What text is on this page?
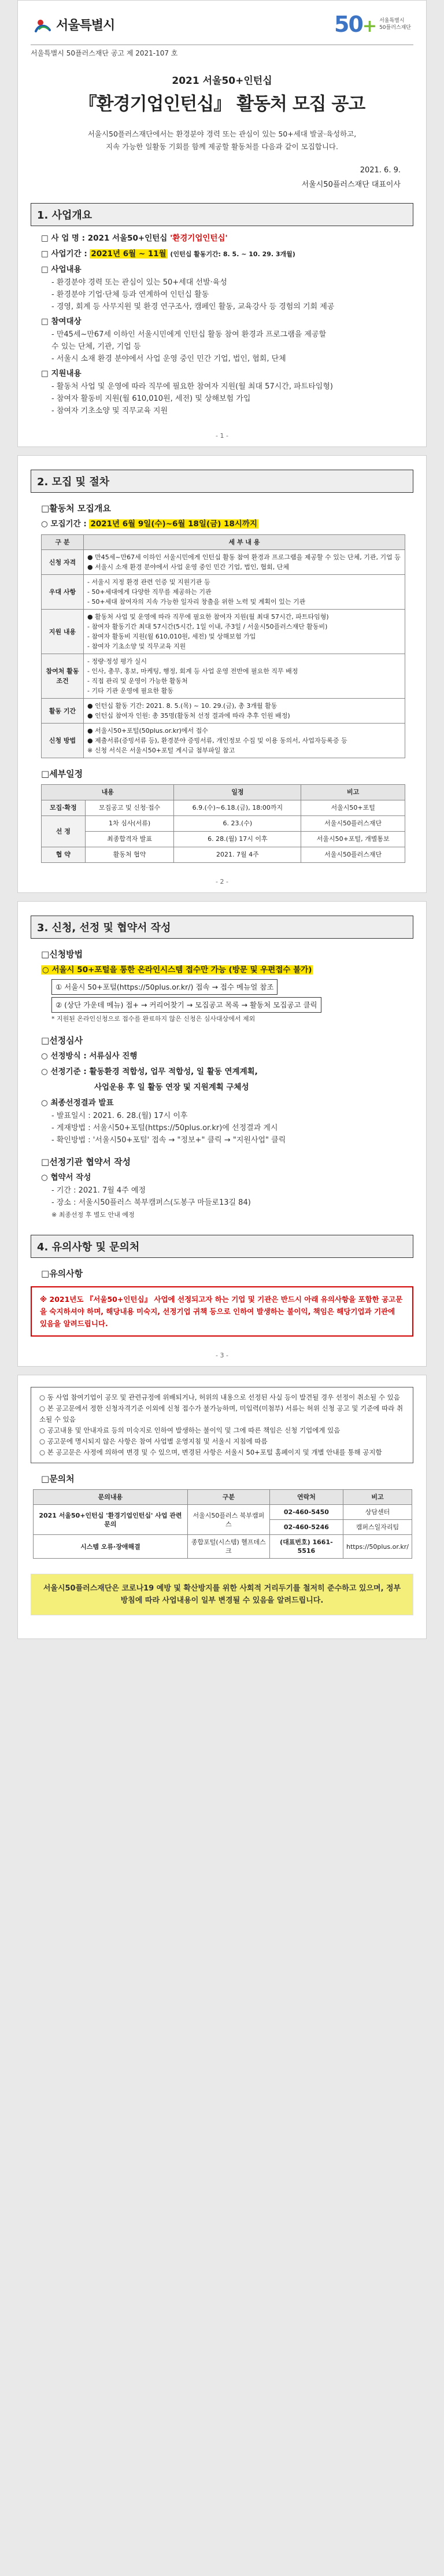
서울특별시	50+ 서울특별시
50플러스재단
서울특별시 50플러스재단 공고 제 2021-107 호
2021 서울50+인턴십
『환경기업인턴십』 활동처 모집 공고
서울시50플러스재단에서는 환경분야 경력 또는 관심이 있는 50+세대 발굴·육성하고,
지속 가능한 일활동 기회를 함께 제공할 활동처를 다음과 같이 모집합니다.
2021. 6. 9.
서울시50플러스재단 대표이사
1. 사업개요
□ 사 업 명 : 2021 서울50+인턴십 '환경기업인턴십'
□ 사업기간 : 2021년 6월 ~ 11월 (인턴십 활동기간: 8. 5. ~ 10. 29. 3개월)
□ 사업내용
- 환경분야 경력 또는 관심이 있는 50+세대 선발·육성
- 환경분야 기업·단체 등과 연계하여 인턴십 활동
- 경영, 회계 등 사무지원 및 환경 연구조사, 캠페인 활동, 교육강사 등 경험의 기회 제공
□ 참여대상
- 만45세~만67세 이하인 서울시민에게 인턴십 활동 참여 환경과 프로그램을 제공할
수 있는 단체, 기관, 기업 등
- 서울시 소재 환경 분야에서 사업 운영 중인 민간 기업, 법인, 협회, 단체
□ 지원내용
- 활동처 사업 및 운영에 따라 직무에 필요한 참여자 지원(월 최대 57시간, 파트타임형)
- 참여자 활동비 지원(월 610,010원, 세전) 및 상해보험 가입
- 참여자 기초소양 및 직무교육 지원
- 1 -
2. 모집 및 절차
□ 활동처 모집개요
○ 모집기간 : 2021년 6월 9일(수)~6월 18일(금) 18시까지
구 분	세 부 내 용
신청 자격	● 만45세~만67세 이하인 서울시민에게 인턴십 활동 참여 환경과 프로그램을 제공할 수 있는 단체, 기관, 기업 등
● 서울시 소재 환경 분야에서 사업 운영 중인 민간 기업, 법인, 협회, 단체
우대 사항	- 서울시 지정 환경 관련 인증 및 지원기관 등
- 50+세대에게 다양한 직무를 제공하는 기관
- 50+세대 참여자의 지속 가능한 일자리 창출을 위한 노력 및 계획이 있는 기관
지원 내용	● 활동처 사업 및 운영에 따라 직무에 필요한 참여자 지원(월 최대 57시간, 파트타임형)
- 참여자 활동기간 최대 57시간(5시간, 1일 이내, 주3일 / 서울시50플러스재단 활동비)
- 참여자 활동비 지원(월 610,010원, 세전) 및 상해보험 가입
- 참여자 기초소양 및 직무교육 지원
참여처 활동 조건	- 정량·정성 평가 실시
- 인사, 총무, 홍보, 마케팅, 행정, 회계 등 사업 운영 전반에 필요한 직무 배정
- 직접 관리 및 운영이 가능한 활동처
- 기타 기관 운영에 필요한 활동
활동 기간	● 인턴십 활동 기간: 2021. 8. 5.(목) ~ 10. 29.(금), 총 3개월 활동
● 인턴십 참여자 인원: 총 35명(활동처 선정 결과에 따라 추후 인원 배정)
신청 방법	● 서울시50+포털(50plus.or.kr)에서 접수
● 제출서류(증빙서류 등), 환경분야 증빙서류, 개인정보 수집 및 이용 동의서, 사업자등록증 등
※ 신청 서식은 서울시50+포털 게시글 첨부파일 참고
□ 세부일정
내용		일정	비고
모집·확정	모집공고 및 신청·접수	6.9.(수)~6.18.(금), 18:00까지	서울시50+포털
선 정	1차 심사(서류)	6. 23.(수)	서울시50플러스재단
	최종합격자 발표	6. 28.(월) 17시 이후	서울시50+포털, 개별통보
협 약	활동처 협약	2021. 7월 4주	서울시50플러스재단
- 2 -
3. 신청, 선정 및 협약서 작성
□ 신청방법
○ 서울시 50+포털을 통한 온라인시스템 접수만 가능 (방문 및 우편접수 불가)
① 서울시 50+포털(https://50plus.or.kr/) 접속 → 접수 메뉴얼 참조
② (상단 가운데 메뉴) 접+ → 커리어찾기 → 모집공고 목록 → 활동처 모집공고 클릭
* 지원된 온라인신청으로 접수를 완료하지 않은 신청은 심사대상에서 제외
□ 선정심사
○ 선정방식 : 서류심사 진행
○ 선정기준 : 활동환경 적합성, 업무 적합성, 일 활동 연계계획,
사업운용 후 일 활동 연장 및 지원계획 구체성
○ 최종선정결과 발표
- 발표일시 : 2021. 6. 28.(월) 17시 이후
- 게재방법 : 서울시50+포털(https://50plus.or.kr)에 선정결과 게시
- 확인방법 : '서울시50+포털' 접속 → "정보+" 클릭 → "지원사업" 클릭
□ 선정기관 협약서 작성
○ 협약서 작성
- 기간 : 2021. 7월 4주 예정
- 장소 : 서울시50플러스 북부캠퍼스(도봉구 마들로13길 84)
※ 최종선정 후 별도 안내 예정
4. 유의사항 및 문의처
□ 유의사항
※ 2021년도 『서울50+인턴십』 사업에 선정되고자 하는 기업 및 기관은 반드시 아래 유의사항을 포함한 공고문을 숙지하셔야 하며, 해당내용 미숙지, 선정기업 귀책 등으로 인하여 발생하는 불이익, 책임은 해당기업과 기관에 있음을 알려드립니다.
- 3 -
○ 동 사업 참여기업이 공모 및 관련규정에 위배되거나, 허위의 내용으로 선정된 사실 등이 발견될 경우 선정이 취소될 수 있음
○ 본 공고문에서 정한 신청자격기준 이외에 신청 접수가 불가능하며, 미입력(미첨부) 서류는 허위 신청 공고 및 기준에 따라 취소될 수 있음
○ 공고내용 및 안내자료 등의 미숙지로 인하여 발생하는 불이익 및 그에 따른 책임은 신청 기업에게 있음
○ 공고문에 명시되지 않은 사항은 참여 사업별 운영지침 및 서울시 지침에 따름
○ 본 공고문은 사정에 의하여 변경 및 수 있으며, 변경된 사항은 서울시 50+포털 홈페이지 및 개별 안내를 통해 공지함
□ 문의처
문의내용	구분	연락처	비고
2021 서울50+인턴십 '환경기업인턴십' 사업 관련 문의	서울시50플러스 북부캠퍼스	02-460-5450	상담센터
		02-460-5246	캠퍼스일자리팀
시스템 오류·장애해결	종합포털(시스템) 헬프데스크	(대표번호) 1661-5516	https://50plus.or.kr/
서울시50플러스재단은 코로나19 예방 및 확산방지를 위한 사회적 거리두기를 철저히 준수하고 있으며, 정부방침에 따라 사업내용이 일부 변경될 수 있음을 알려드립니다.
